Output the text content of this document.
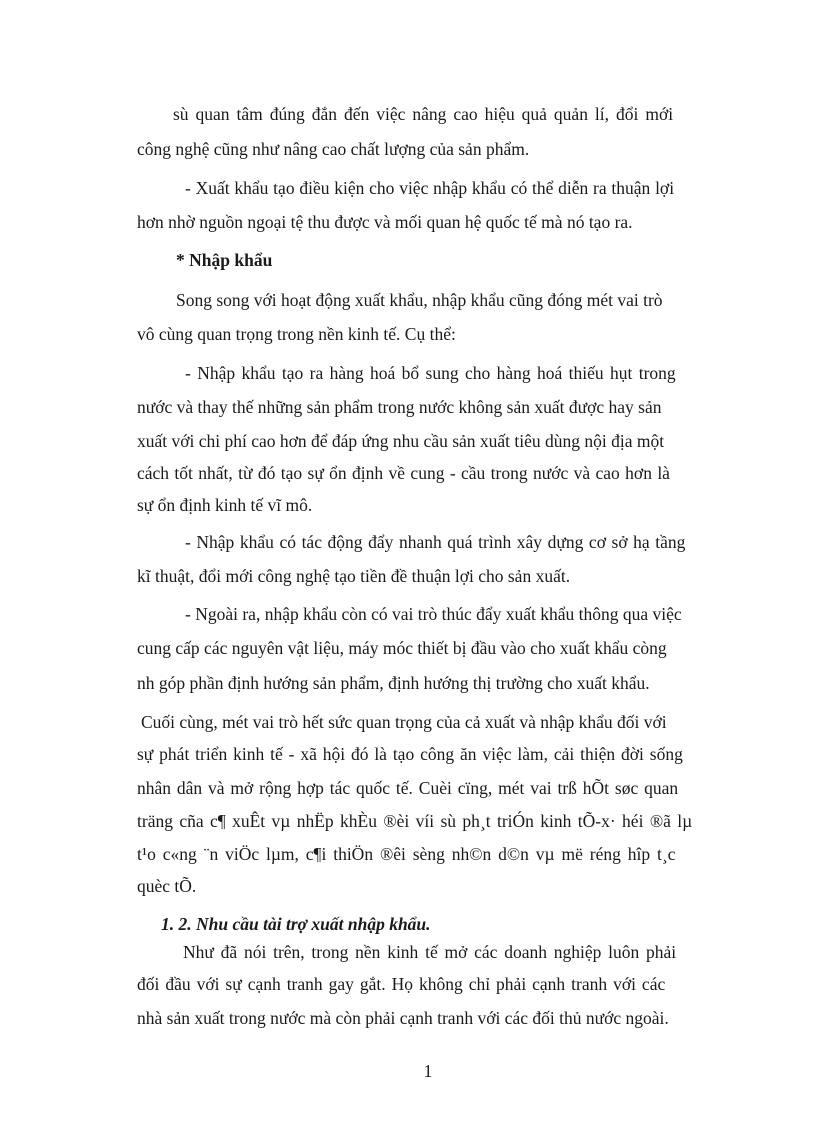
sù quan tâm đúng đắn đến việc nâng cao hiệu quả quản lí, đổi mới
công nghệ cũng như nâng cao chất lượng của sản phẩm.
- Xuất khẩu tạo điều kiện cho việc nhập khẩu có thể diễn ra thuận lợi
hơn nhờ nguồn ngoại tệ thu được và mối quan hệ quốc tế mà nó tạo ra.
* Nhập khẩu
Song song với hoạt động xuất khẩu, nhập khẩu cũng đóng mét vai trò
vô cùng quan trọng trong nền kinh tế. Cụ thể:
- Nhập khẩu tạo ra hàng hoá bổ sung cho hàng hoá thiếu hụt trong
nước và thay thế những sản phẩm trong nước không sản xuất được hay sản
xuất với chi phí cao hơn để đáp ứng nhu cầu sản xuất tiêu dùng nội địa một
cách tốt nhất, từ đó tạo sự ổn định về cung - cầu trong nước và cao hơn là
sự ổn định kinh tế vĩ mô.
- Nhập khẩu có tác động đẩy nhanh quá trình xây dựng cơ sở hạ tầng
kĩ thuật, đổi mới công nghệ tạo tiền đề thuận lợi cho sản xuất.
- Ngoài ra, nhập khẩu còn có vai trò thúc đẩy xuất khẩu thông qua việc
cung cấp các nguyên vật liệu, máy móc thiết bị đầu vào cho xuất khẩu còng
nh góp phần định hướng sản phẩm, định hướng thị trường cho xuất khẩu.
Cuối cùng, mét vai trò hết sức quan trọng của cả xuất và nhập khẩu đối với
sự phát triển kinh tế - xã hội đó là tạo công ăn việc làm, cải thiện đời sống
nhân dân và mở rộng hợp tác quốc tế. Cuèi cïng, mét vai trß hÕt søc quan
träng cña c¶ xuÊt vµ nhËp khÈu ®èi víi sù ph¸t triÓn kinh tÕ-x· héi ®ã lµ
t¹o c«ng ¨n viÖc lµm, c¶i thiÖn ®êi sèng nh©n d©n vµ më réng hîp t¸c
quèc tÕ.
1. 2. Nhu cầu tài trợ xuất nhập khẩu.
Như đã nói trên, trong nền kinh tế mở các doanh nghiệp luôn phải
đối đầu với sự cạnh tranh gay gắt. Họ không chỉ phải cạnh tranh với các
nhà sản xuất trong nước mà còn phải cạnh tranh với các đối thủ nước ngoài.
1
